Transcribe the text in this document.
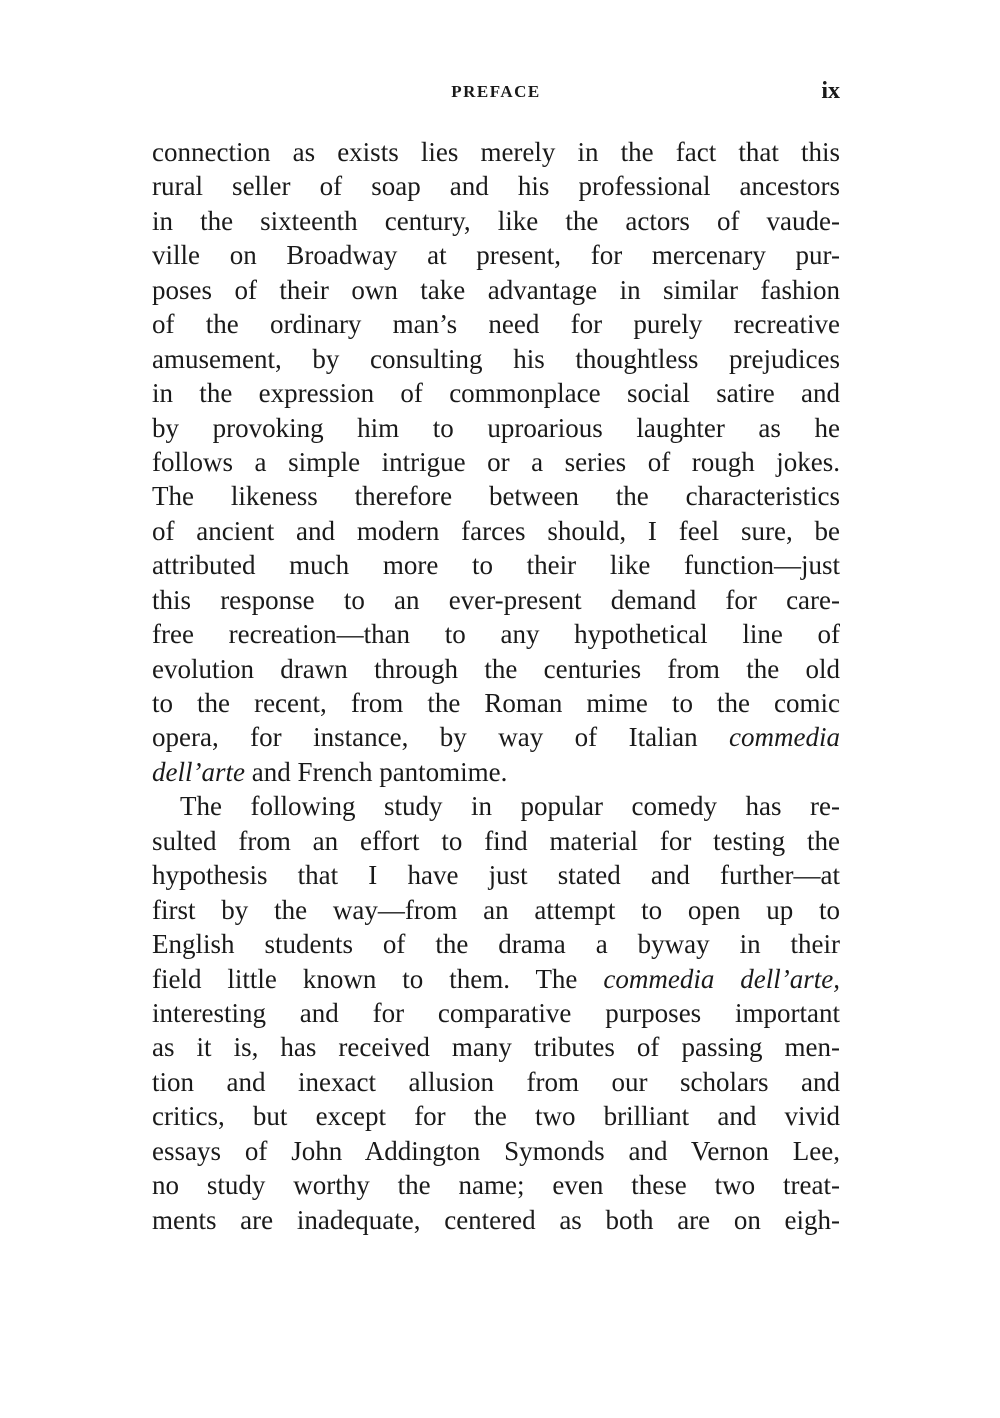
PREFACE	ix
connection as exists lies merely in the fact that this
rural seller of soap and his professional ancestors
in the sixteenth century, like the actors of vaude-
ville on Broadway at present, for mercenary pur-
poses of their own take advantage in similar fashion
of the ordinary man’s need for purely recreative
amusement, by consulting his thoughtless prejudices
in the expression of commonplace social satire and
by provoking him to uproarious laughter as he
follows a simple intrigue or a series of rough jokes.
The likeness therefore between the characteristics
of ancient and modern farces should, I feel sure, be
attributed much more to their like function—just
this response to an ever-present demand for care-
free recreation—than to any hypothetical line of
evolution drawn through the centuries from the old
to the recent, from the Roman mime to the comic
opera, for instance, by way of Italian commedia
dell’arte and French pantomime.
The following study in popular comedy has re-
sulted from an effort to find material for testing the
hypothesis that I have just stated and further—at
first by the way—from an attempt to open up to
English students of the drama a byway in their
field little known to them. The commedia dell’arte,
interesting and for comparative purposes important
as it is, has received many tributes of passing men-
tion and inexact allusion from our scholars and
critics, but except for the two brilliant and vivid
essays of John Addington Symonds and Vernon Lee,
no study worthy the name; even these two treat-
ments are inadequate, centered as both are on eigh-
